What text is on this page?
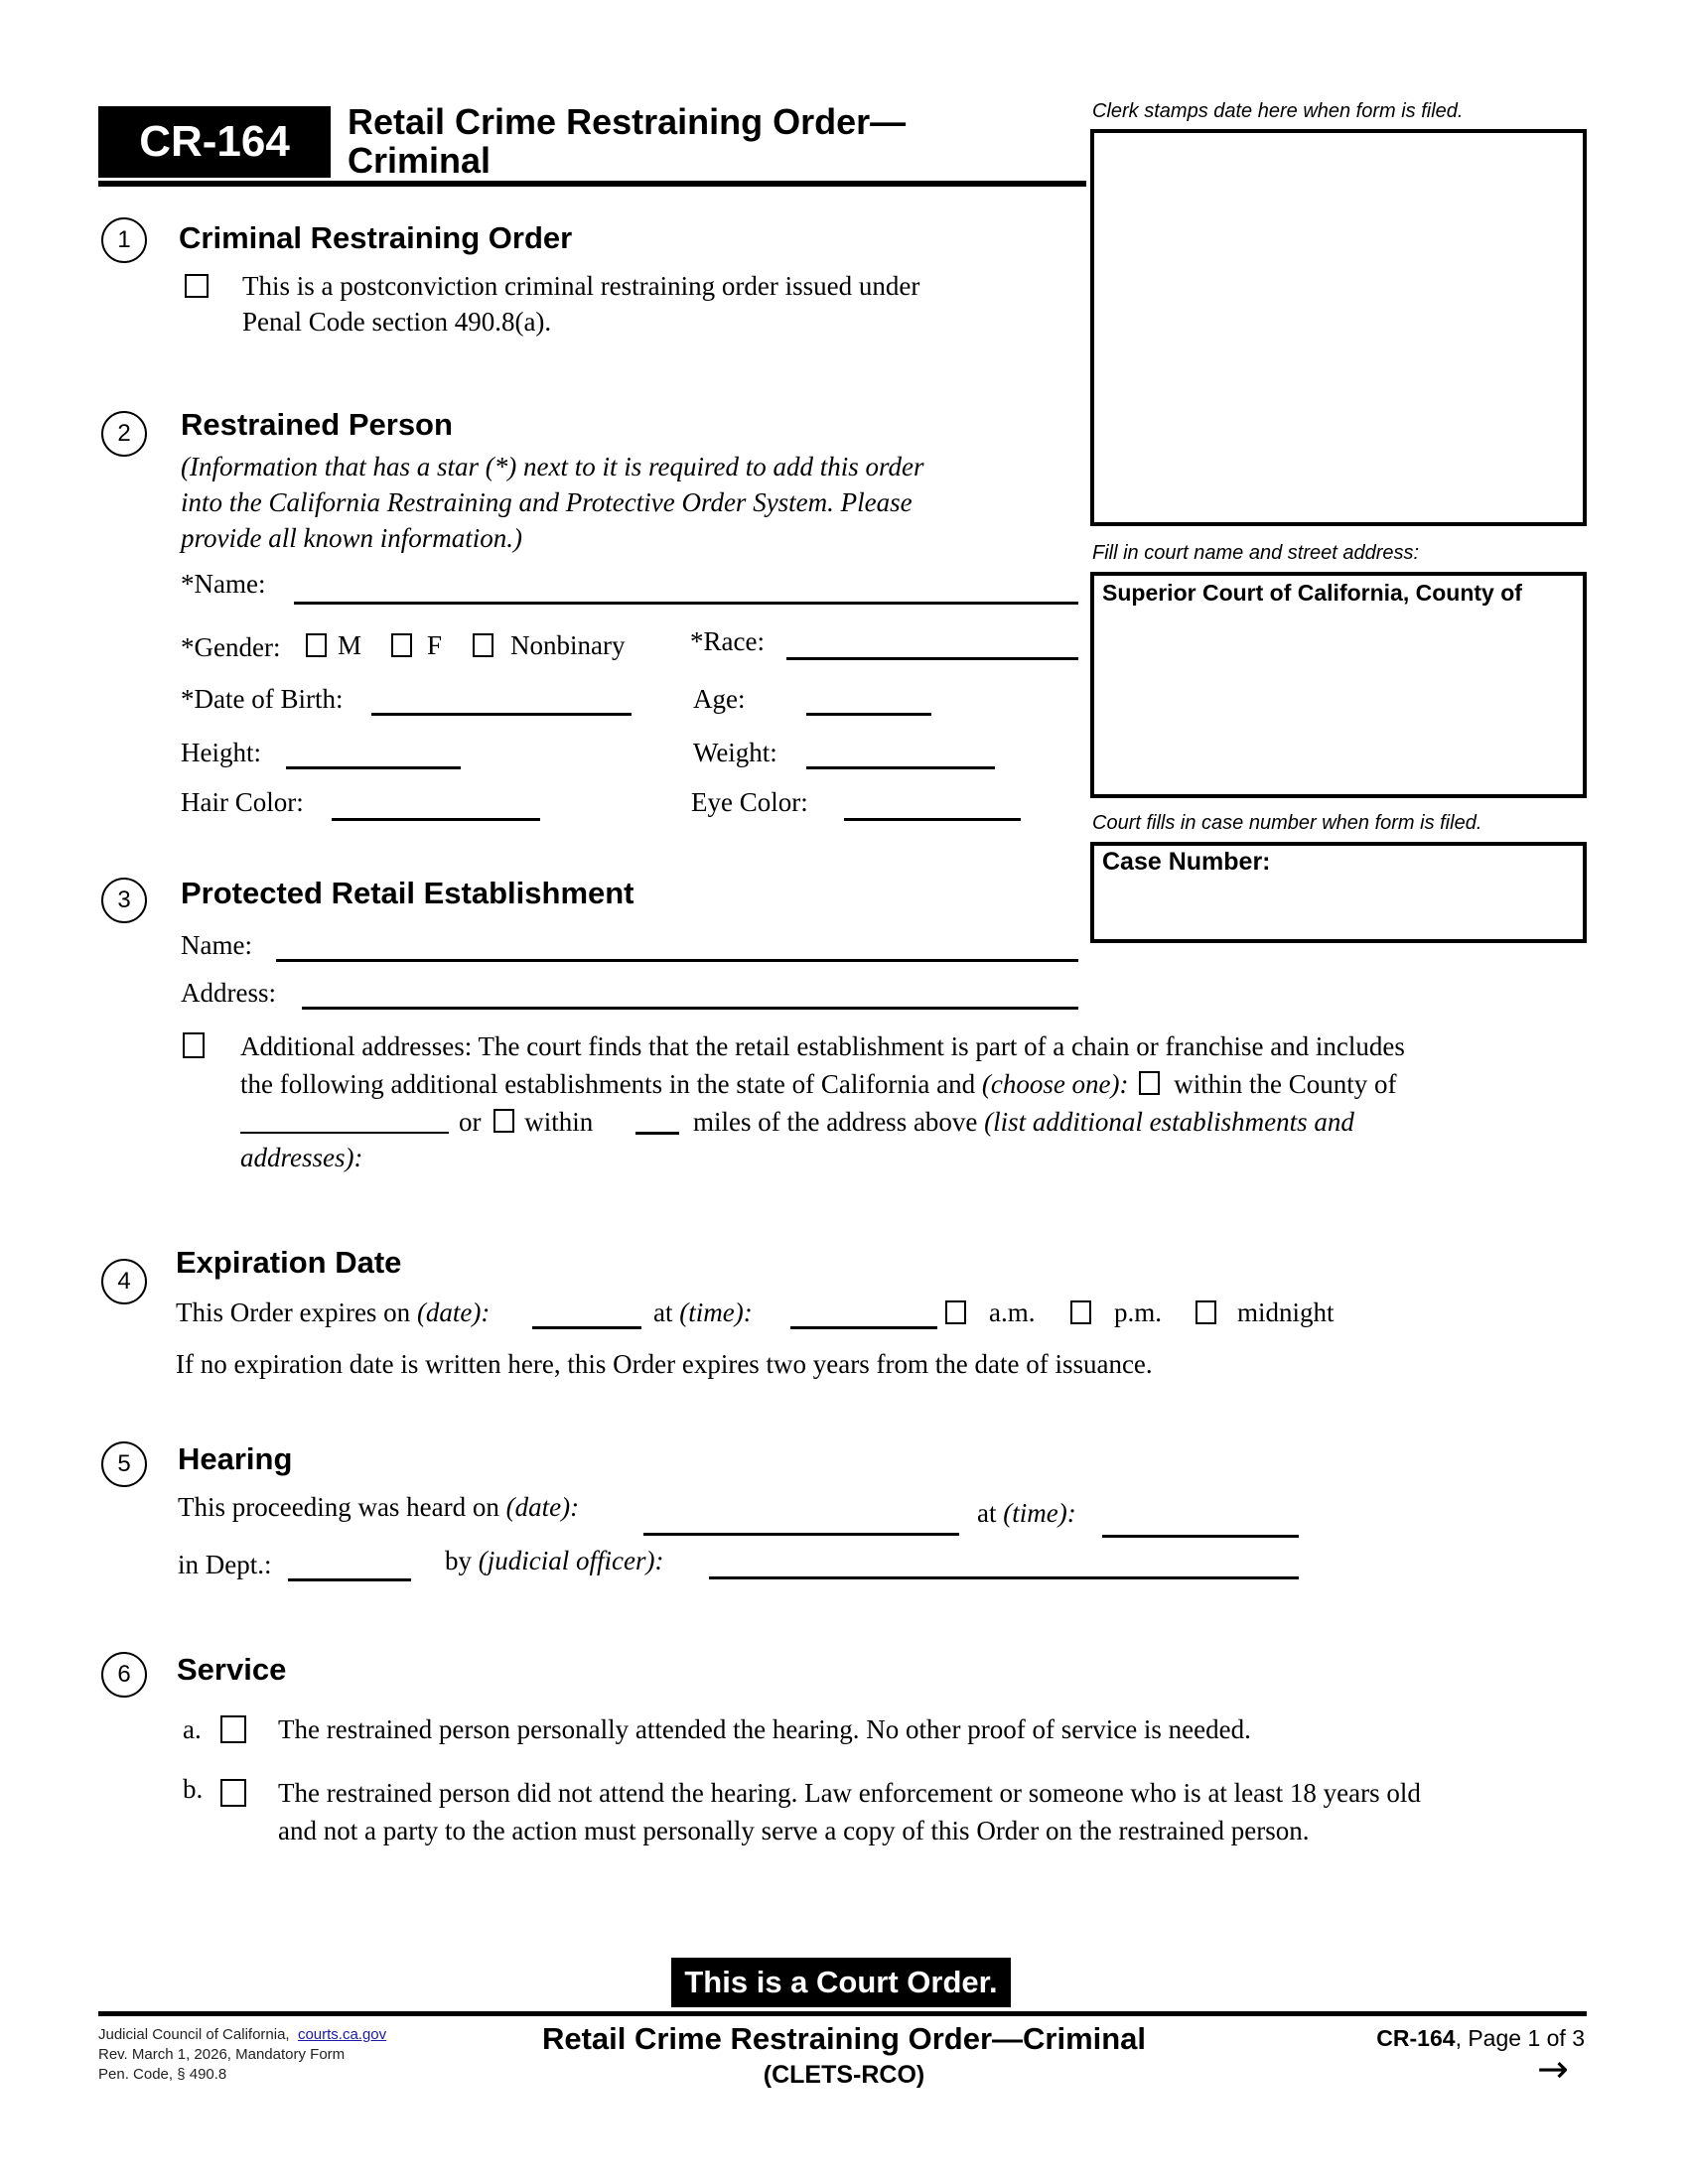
CR-164	Retail Crime Restraining Order—
Criminal
Clerk stamps date here when form is filed.
Fill in court name and street address:
Superior Court of California, County of
Court fills in case number when form is filed.
Case Number:
1	Criminal Restraining Order
This is a postconviction criminal restraining order issued under
Penal Code section 490.8(a).
2	Restrained Person
(Information that has a star (*) next to it is required to add this order
into the California Restraining and Protective Order System. Please
provide all known information.)
*Name:
*Gender: M F	Nonbinary *Race:
*Date of Birth:	Age:
Height:	Weight:
Hair Color:	Eye Color:
3	Protected Retail Establishment
Name:
Address:
Additional addresses: The court finds that the retail establishment is part of a chain or franchise and includes
the following additional establishments in the state of California and (choose one): within the County of
or within	miles of the address above (list additional establishments and
addresses):
4
Expiration Date
This Order expires on (date):	at (time):	a.m.	p.m.	midnight
If no expiration date is written here, this Order expires two years from the date of issuance.
5	Hearing
This proceeding was heard on (date):	at (time):
in Dept.:	by (judicial officer):
6	Service
a.	The restrained person personally attended the hearing. No other proof of service is needed.
b.	The restrained person did not attend the hearing. Law enforcement or someone who is at least 18 years old
and not a party to the action must personally serve a copy of this Order on the restrained person.
This is a Court Order.
Judicial Council of California, courts.ca.gov
Rev. March 1, 2026, Mandatory Form
Pen. Code, § 490.8
Retail Crime Restraining Order—Criminal
(CLETS-RCO)
CR-164, Page 1 of 3
→
